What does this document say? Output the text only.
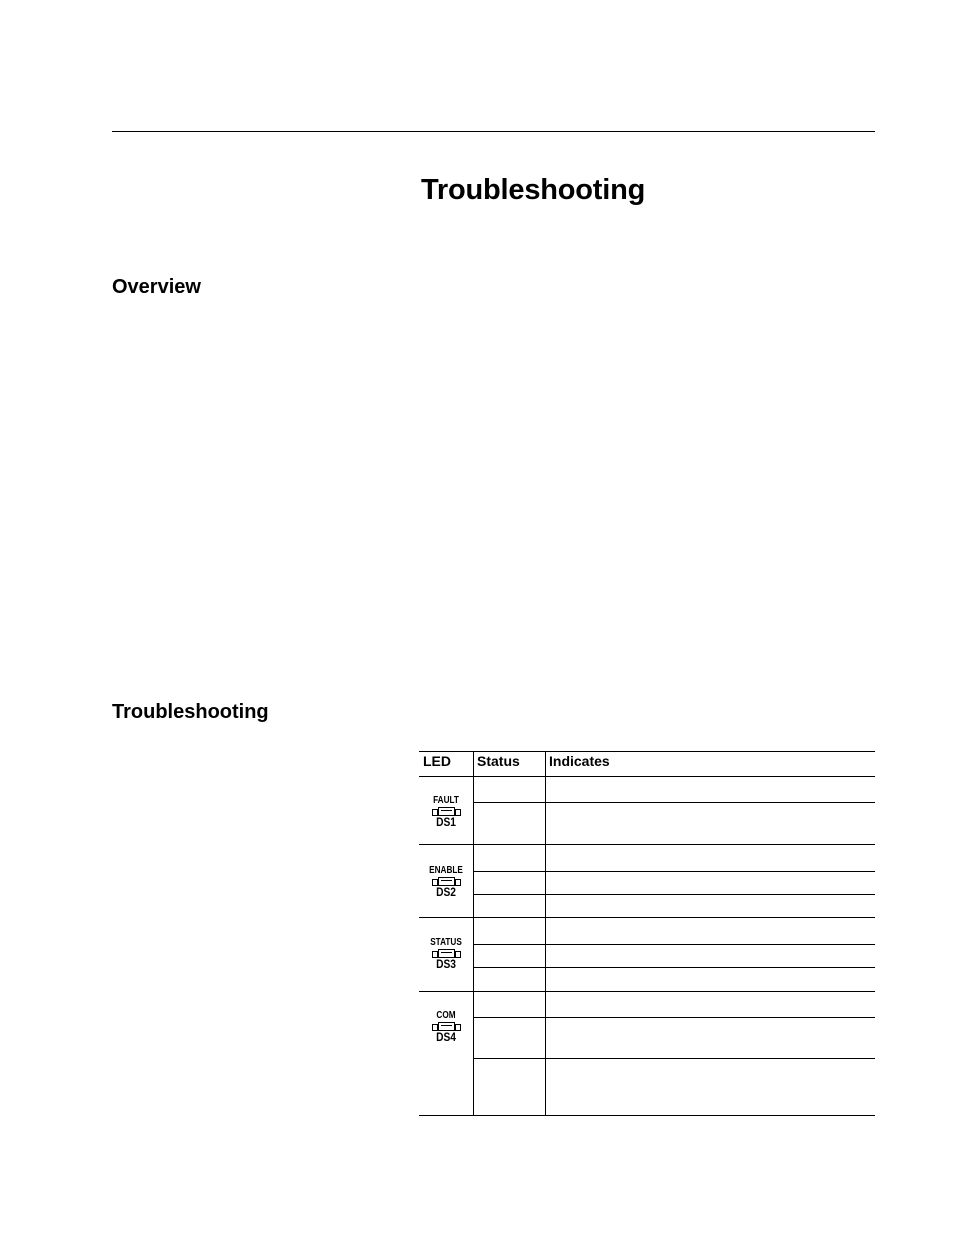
Troubleshooting
Overview
Troubleshooting
LED Status Indicates
FAULT
DS1
ENABLE
DS2
STATUS
DS3
COM
DS4
